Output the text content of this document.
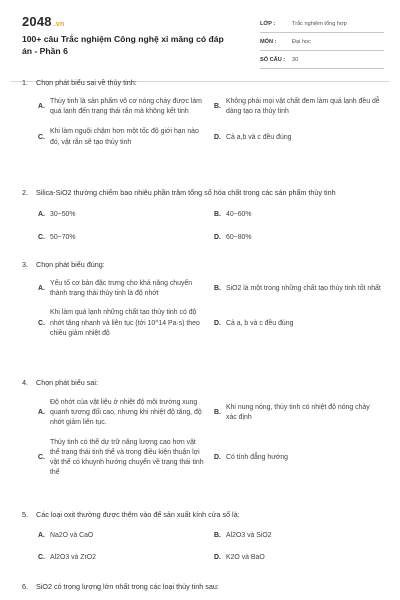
2048 .vn
100+ câu Trắc nghiệm Công nghệ xi măng có đáp án - Phần 6
LỚP :	Trắc nghiệm tổng hợp
MÔN :	Đại học
SỐ CÂU :	30
1.	Chọn phát biểu sai về thủy tinh:
A.
Thủy tinh là sản phẩm vô cơ nóng chảy được làm quá lạnh đến trạng thái rắn mà không kết tinh
B.
Không phải mọi vật chất đem làm quá lạnh đều dễ dàng tạo ra thủy tinh
C.
Khi làm nguội chậm hơn một tốc độ giới hạn nào đó, vật rắn sẽ tạo thủy tinh
D. Cả a,b và c đều đúng
2.	Silica-SiO2 thường chiếm bao nhiêu phần trăm tổng số hóa chất trong các sản phẩm thủy tinh
A. 30~50%	B. 40~60%
C. 50~70%	D. 60~80%
3.	Chọn phát biểu đúng:
A.
Yếu tố cơ bản đặc trưng cho khả năng chuyển thành trạng thái thủy tinh là độ nhớt
B. SiO2 là một trong những chất tạo thủy tinh tốt nhất
C.
Khi làm quá lạnh những chất tạo thủy tinh có độ nhớt tăng nhanh và liên tục (tới 10^14 Pa·s) theo chiều giảm nhiệt độ
D. Cả a, b và c đều đúng
4.	Chọn phát biểu sai:
A.
Độ nhớt của vật liệu ở nhiệt độ môi trường xung quanh tương đối cao, nhưng khi nhiệt độ tăng, độ nhớt giảm liên tục.
B.
Khi nung nóng, thủy tinh có nhiệt độ nóng chảy xác định
C.
Thủy tinh có thể dự trữ năng lượng cao hơn vật thể trạng thái tinh thể và trong điều kiện thuận lợi vật thể có khuynh hướng chuyển về trạng thái tinh thể
D. Có tính đẳng hướng
5.	Các loại oxit thường được thêm vào để sản xuất kính cửa sổ là:
A. Na2O và CaO	B. Al2O3 và SiO2
C. Al2O3 và ZrO2	D. K2O và BaO
6.	SiO2 có trọng lượng lớn nhất trong các loại thủy tinh sau:
